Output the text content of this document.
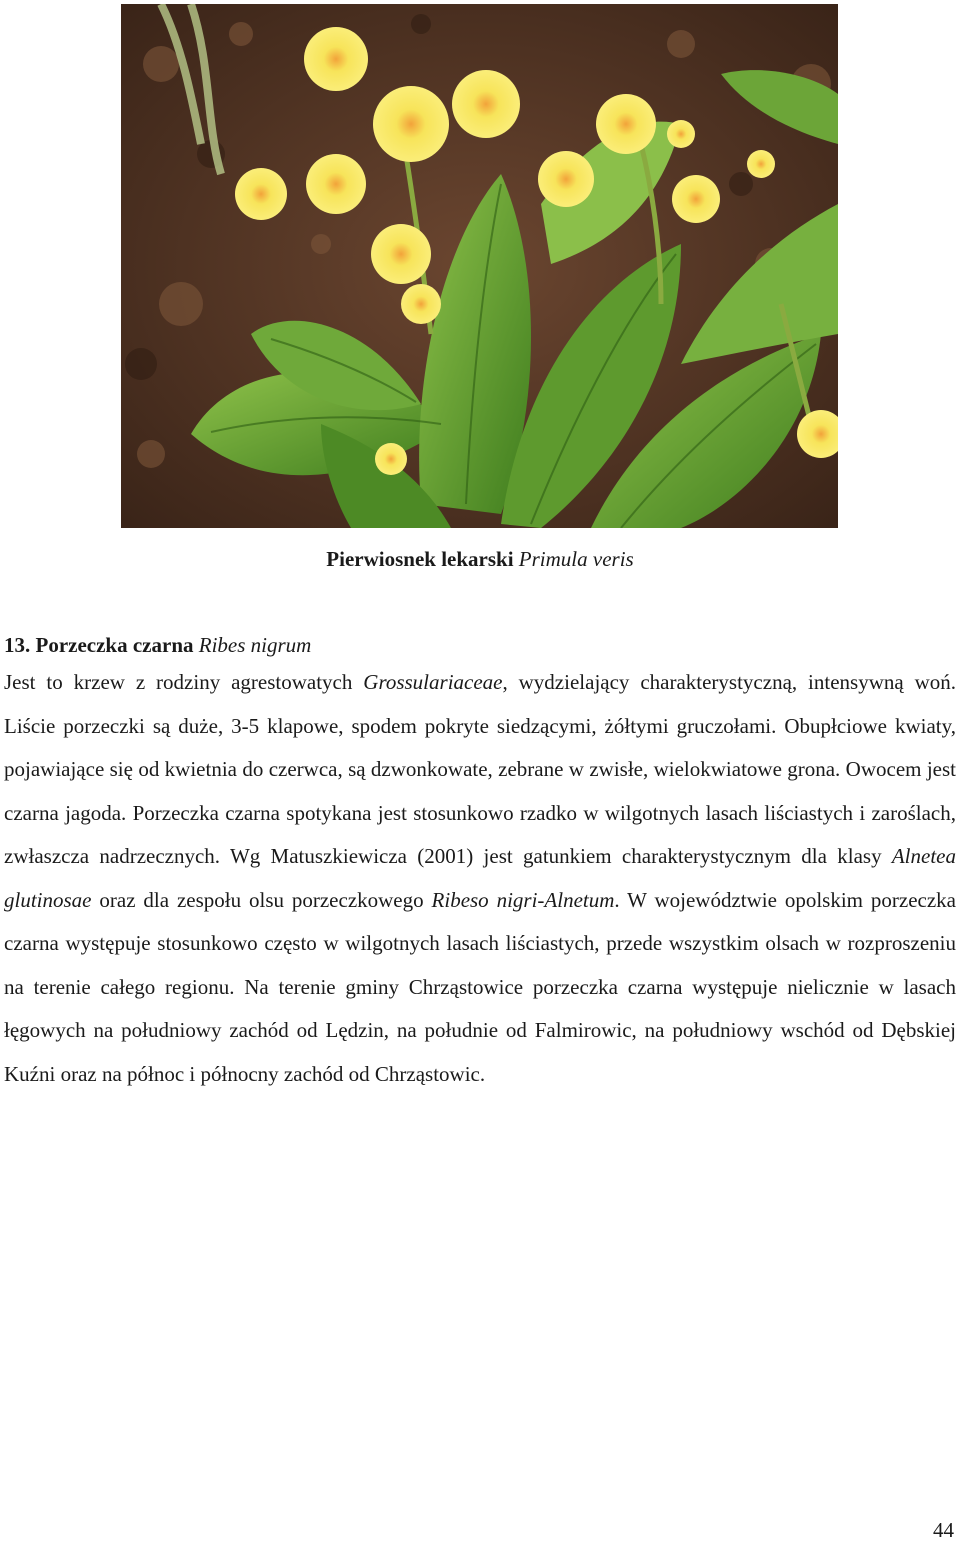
Pierwiosnek lekarski Primula veris
13. Porzeczka czarna Ribes nigrum

Jest to krzew z rodziny agrestowatych Grossulariaceae, wydzielający charakterystyczną, intensywną woń. Liście porzeczki są duże, 3-5 klapowe, spodem pokryte siedzącymi, żółtymi gruczołami. Obupłciowe kwiaty, pojawiające się od kwietnia do czerwca, są dzwonkowate, zebrane w zwisłe, wielokwiatowe grona. Owocem jest czarna jagoda. Porzeczka czarna spotykana jest stosunkowo rzadko w wilgotnych lasach liściastych i zaroślach, zwłaszcza nadrzecznych. Wg Matuszkiewicza (2001) jest gatunkiem charakterystycznym dla klasy Alnetea glutinosae oraz dla zespołu olsu porzeczkowego Ribeso nigri-Alnetum. W województwie opolskim porzeczka czarna występuje stosunkowo często w wilgotnych lasach liściastych, przede wszystkim olsach w rozproszeniu na terenie całego regionu. Na terenie gminy Chrząstowice porzeczka czarna występuje nielicznie w lasach łęgowych na południowy zachód od Lędzin, na południe od Falmirowic, na południowy wschód od Dębskiej Kuźni oraz na północ i północny zachód od Chrząstowic.

44
